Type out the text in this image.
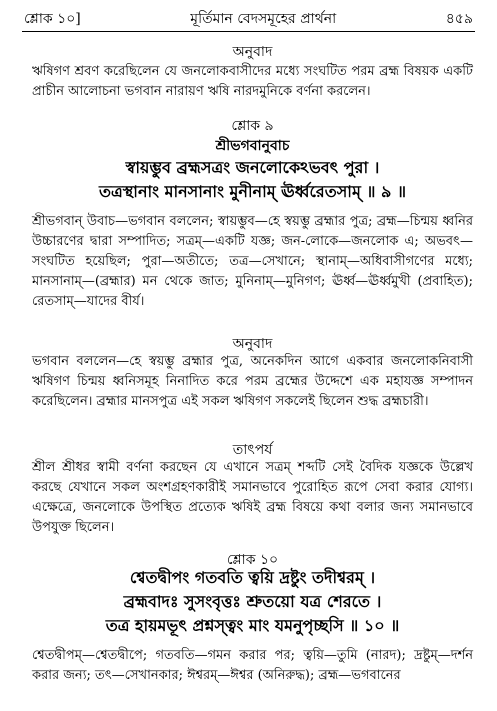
শ্লোক ১০]	মূর্তিমান বেদসমূহের প্রার্থনা	৪৫৯
অনুবাদ

ঋষিগণ শ্রবণ করেছিলেন যে জনলোকবাসীদের মধ্যে সংঘটিত পরম ব্রহ্ম বিষয়ক একটি প্রাচীন আলোচনা ভগবান নারায়ণ ঋষি নারদমুনিকে বর্ণনা করলেন।

শ্লোক ৯
শ্রীভগবানুবাচ
স্বায়ম্ভুব ব্রহ্মসত্রং জনলোকেঽভবৎ পুরা ।
তত্রস্থানাং মানসানাং মুনীনাম্ ঊর্ধ্বরেতসাম্ ॥ ৯ ॥

শ্রীভগবান্ উবাচ—ভগবান বললেন; স্বায়ম্ভুব—হে স্বয়ম্ভু ব্রহ্মার পুত্র; ব্রহ্ম—চিন্ময় ধ্বনির উচ্চারণের দ্বারা সম্পাদিত; সত্রম্—একটি যজ্ঞ; জন-লোকে—জনলোক এ; অভবৎ—সংঘটিত হয়েছিল; পুরা—অতীতে; তত্র—সেখানে; স্থানাম্—অধিবাসীগণের মধ্যে; মানসানাম্—(ব্রহ্মার) মন থেকে জাত; মুনিনাম্—মুনিগণ; ঊর্ধ্ব—ঊর্ধ্বমুখী (প্রবাহিত); রেতসাম্—যাদের বীর্য।

অনুবাদ

ভগবান বললেন—হে স্বয়ম্ভু ব্রহ্মার পুত্র, অনেকদিন আগে একবার জনলোকনিবাসী ঋষিগণ চিন্ময় ধ্বনিসমূহ নিনাদিত করে পরম ব্রহ্মের উদ্দেশে এক মহাযজ্ঞ সম্পাদন করেছিলেন। ব্রহ্মার মানসপুত্র এই সকল ঋষিগণ সকলেই ছিলেন শুদ্ধ ব্রহ্মচারী।

তাৎপর্য

শ্রীল শ্রীধর স্বামী বর্ণনা করছেন যে এখানে সত্রম্ শব্দটি সেই বৈদিক যজ্ঞকে উল্লেখ করছে যেখানে সকল অংশগ্রহণকারীই সমানভাবে পুরোহিত রূপে সেবা করার যোগ্য। এক্ষেত্রে, জনলোকে উপস্থিত প্রত্যেক ঋষিই ব্রহ্ম বিষয়ে কথা বলার জন্য সমানভাবে উপযুক্ত ছিলেন।

শ্লোক ১০
শ্বেতদ্বীপং গতবতি ত্বয়ি দ্রষ্টুং তদীশ্বরম্ ।
ব্রহ্মবাদঃ সুসংবৃত্তঃ শ্রুতয়ো যত্র শেরতে ।
তত্র হায়মভূৎ প্রশ্নস্ত্বং মাং যমনুপৃচ্ছসি ॥ ১০ ॥

শ্বেতদ্বীপম্—শ্বেতদ্বীপে; গতবতি—গমন করার পর; ত্বয়ি—তুমি (নারদ); দ্রষ্টুম্—দর্শন করার জন্য; তৎ—সেখানকার; ঈশ্বরম্—ঈশ্বর (অনিরুদ্ধ); ব্রহ্ম—ভগবানের
